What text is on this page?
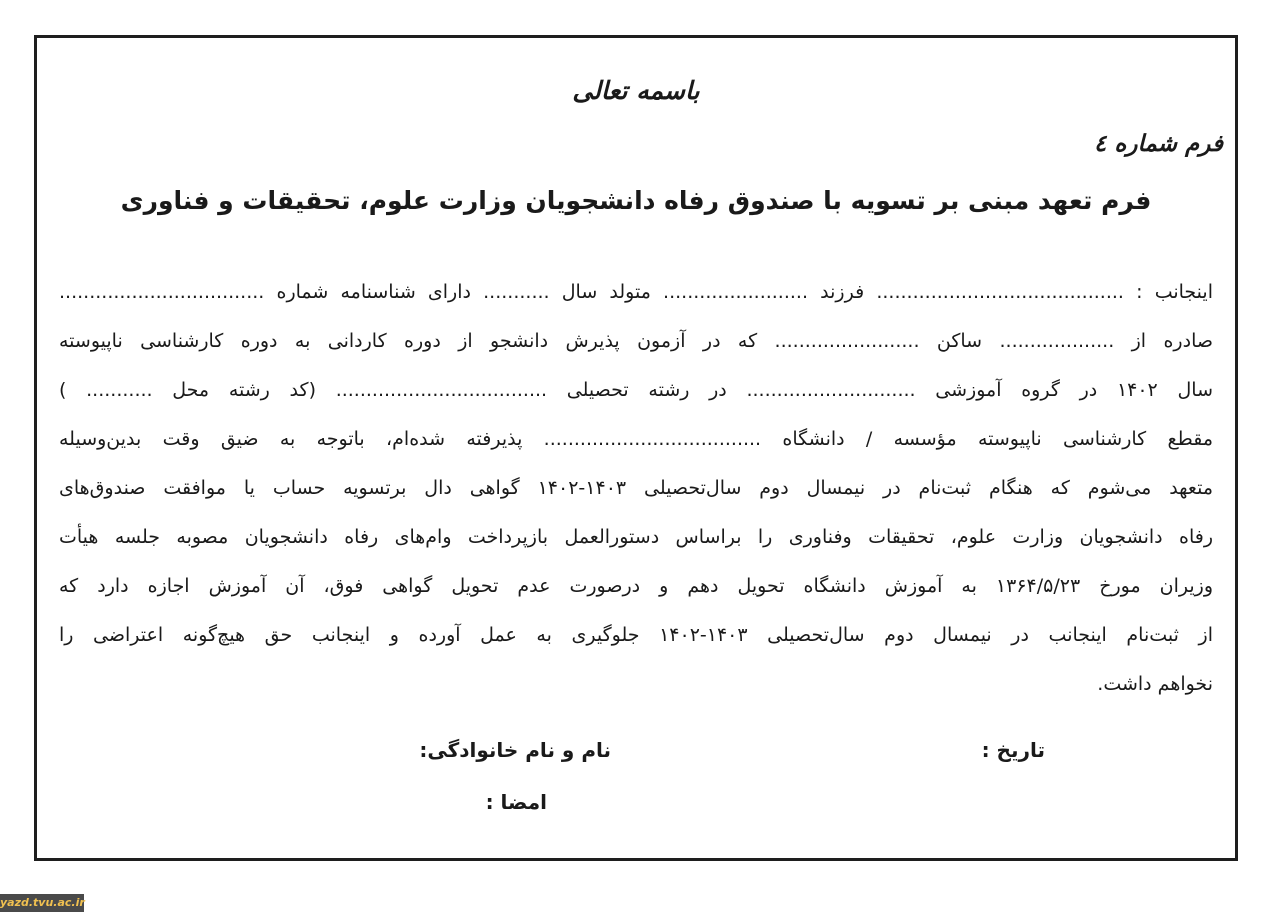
باسمه تعالی
فرم شماره ٤
فرم تعهد مبنی بر تسویه با صندوق رفاه دانشجویان وزارت علوم، تحقیقات و فناوری
اینجانب : ......................................... فرزند ........................ متولد سال ........... دارای شناسنامه شماره ..................................
صادره از ................... ساکن ........................ که در آزمون پذیرش دانشجو از دوره کاردانی به دوره کارشناسی ناپیوسته
سال ۱۴۰۲ در گروه آموزشی ............................ در رشته تحصیلی ................................... (کد رشته محل ........... )
مقطع کارشناسی ناپیوسته مؤسسه / دانشگاه .................................... پذیرفته شده‌ام، باتوجه به ضیق وقت بدین‌وسیله
متعهد می‌شوم که هنگام ثبت‌نام در نیمسال دوم سال‌تحصیلی ۱۴۰۳-۱۴۰۲ گواهی دال برتسویه حساب یا موافقت صندوق‌های
رفاه دانشجویان وزارت علوم، تحقیقات وفناوری را براساس دستورالعمل بازپرداخت وام‌های رفاه دانشجویان مصوبه جلسه هیأت
وزیران مورخ ۱۳۶۴/۵/۲۳ به آموزش دانشگاه تحویل دهم و درصورت عدم تحویل گواهی فوق، آن آموزش اجازه دارد که
از ثبت‌نام اینجانب در نیمسال دوم سال‌تحصیلی ۱۴۰۳-۱۴۰۲ جلوگیری به عمل آورده و اینجانب حق هیچ‌گونه اعتراضی را
نخواهم داشت.
تاریخ :
نام و نام خانوادگی:
امضا :
yazd.tvu.ac.ir
